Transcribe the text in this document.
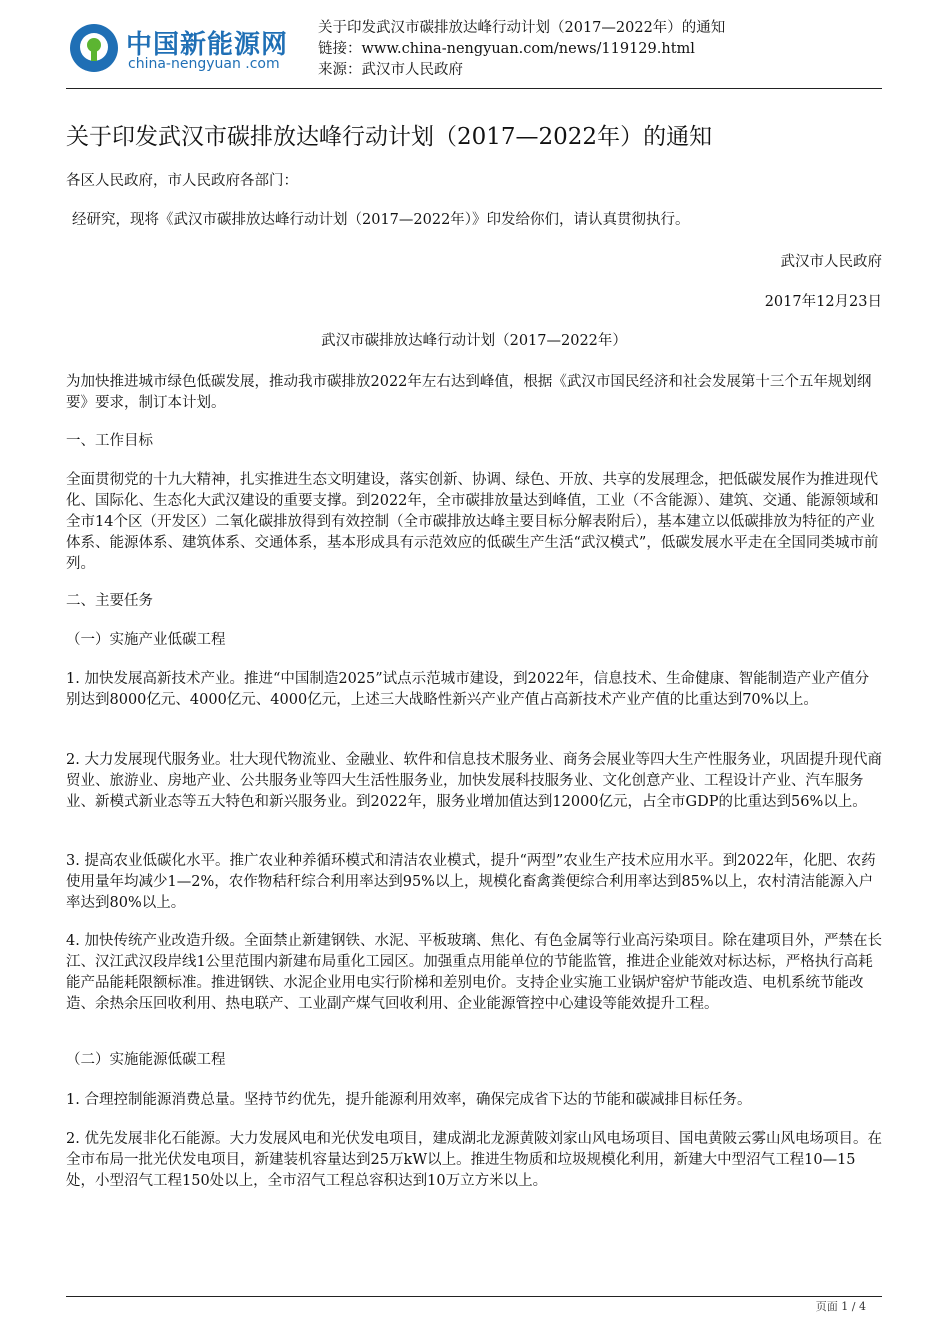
中国新能源网
china-nengyuan .com
关于印发武汉市碳排放达峰行动计划（2017—2022年）的通知
链接：www.china-nengyuan.com/news/119129.html
来源：武汉市人民政府
关于印发武汉市碳排放达峰行动计划（2017—2022年）的通知

各区人民政府，市人民政府各部门：

经研究，现将《武汉市碳排放达峰行动计划（2017—2022年）》印发给你们，请认真贯彻执行。

武汉市人民政府

2017年12月23日

武汉市碳排放达峰行动计划（2017—2022年）

为加快推进城市绿色低碳发展，推动我市碳排放2022年左右达到峰值，根据《武汉市国民经济和社会发展第十三个五年规划纲要》要求，制订本计划。

一、工作目标

全面贯彻党的十九大精神，扎实推进生态文明建设，落实创新、协调、绿色、开放、共享的发展理念，把低碳发展作为推进现代化、国际化、生态化大武汉建设的重要支撑。到2022年，全市碳排放量达到峰值，工业（不含能源）、建筑、交通、能源领域和全市14个区（开发区）二氧化碳排放得到有效控制（全市碳排放达峰主要目标分解表附后），基本建立以低碳排放为特征的产业体系、能源体系、建筑体系、交通体系，基本形成具有示范效应的低碳生产生活“武汉模式”，低碳发展水平走在全国同类城市前列。

二、主要任务

（一）实施产业低碳工程

1. 加快发展高新技术产业。推进“中国制造2025”试点示范城市建设，到2022年，信息技术、生命健康、智能制造产业产值分别达到8000亿元、4000亿元、4000亿元，上述三大战略性新兴产业产值占高新技术产业产值的比重达到70%以上。

2. 大力发展现代服务业。壮大现代物流业、金融业、软件和信息技术服务业、商务会展业等四大生产性服务业，巩固提升现代商贸业、旅游业、房地产业、公共服务业等四大生活性服务业，加快发展科技服务业、文化创意产业、工程设计产业、汽车服务业、新模式新业态等五大特色和新兴服务业。到2022年，服务业增加值达到12000亿元，占全市GDP的比重达到56%以上。

3. 提高农业低碳化水平。推广农业种养循环模式和清洁农业模式，提升“两型”农业生产技术应用水平。到2022年，化肥、农药使用量年均减少1—2%，农作物秸秆综合利用率达到95%以上，规模化畜禽粪便综合利用率达到85%以上，农村清洁能源入户率达到80%以上。

4. 加快传统产业改造升级。全面禁止新建钢铁、水泥、平板玻璃、焦化、有色金属等行业高污染项目。除在建项目外，严禁在长江、汉江武汉段岸线1公里范围内新建布局重化工园区。加强重点用能单位的节能监管，推进企业能效对标达标，严格执行高耗能产品能耗限额标准。推进钢铁、水泥企业用电实行阶梯和差别电价。支持企业实施工业锅炉窑炉节能改造、电机系统节能改造、余热余压回收利用、热电联产、工业副产煤气回收利用、企业能源管控中心建设等能效提升工程。

（二）实施能源低碳工程

1. 合理控制能源消费总量。坚持节约优先，提升能源利用效率，确保完成省下达的节能和碳减排目标任务。

2. 优先发展非化石能源。大力发展风电和光伏发电项目，建成湖北龙源黄陂刘家山风电场项目、国电黄陂云雾山风电场项目。在全市布局一批光伏发电项目，新建装机容量达到25万kW以上。推进生物质和垃圾规模化利用，新建大中型沼气工程10—15处，小型沼气工程150处以上，全市沼气工程总容积达到10万立方米以上。

页面 1 / 4
